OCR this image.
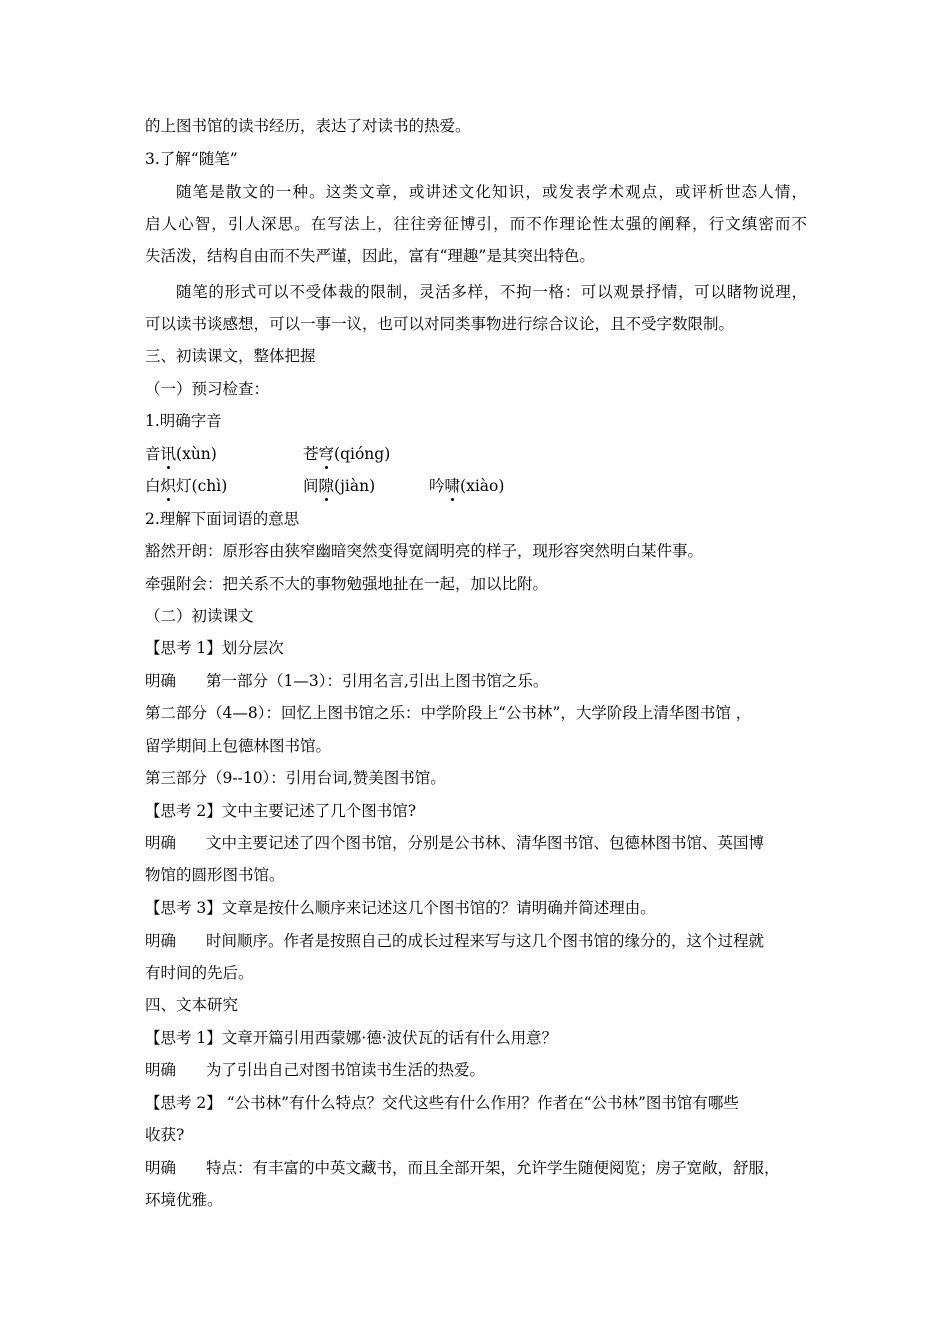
的上图书馆的读书经历，表达了对读书的热爱。
3.了解“随笔”
随笔是散文的一种。这类文章，或讲述文化知识，或发表学术观点，或评析世态人情，
启人心智，引人深思。在写法上，往往旁征博引，而不作理论性太强的阐释，行文缜密而不
失活泼，结构自由而不失严谨，因此，富有“理趣”是其突出特色。
随笔的形式可以不受体裁的限制，灵活多样，不拘一格：可以观景抒情，可以睹物说理，
可以读书谈感想，可以一事一议，也可以对同类事物进行综合议论，且不受字数限制。
三、初读课文，整体把握
（一）预习检查：
1.明确字音
音讯(xùn)	苍穹(qióng)
白炽灯(chì)	间隙(jiàn)	吟啸(xiào)
2.理解下面词语的意思
豁然开朗：原形容由狭窄幽暗突然变得宽阔明亮的样子，现形容突然明白某件事。
牵强附会：把关系不大的事物勉强地扯在一起，加以比附。
（二）初读课文
【思考 1】划分层次
明确 第一部分（1—3）：引用名言,引出上图书馆之乐。
第二部分（4—8）：回忆上图书馆之乐：中学阶段上“公书林”，大学阶段上清华图书馆 ，
留学期间上包德林图书馆。
第三部分（9--10）：引用台词,赞美图书馆。
【思考 2】文中主要记述了几个图书馆?
明确 文中主要记述了四个图书馆，分别是公书林、清华图书馆、包德林图书馆、英国博
物馆的圆形图书馆。
【思考 3】文章是按什么顺序来记述这几个图书馆的？请明确并简述理由。
明确 时间顺序。作者是按照自己的成长过程来写与这几个图书馆的缘分的，这个过程就
有时间的先后。
四、文本研究
【思考 1】文章开篇引用西蒙娜·德·波伏瓦的话有什么用意？
明确 为了引出自己对图书馆读书生活的热爱。
【思考 2】 “公书林”有什么特点？交代这些有什么作用？作者在“公书林”图书馆有哪些
收获?
明确 特点：有丰富的中英文藏书，而且全部开架，允许学生随便阅览；房子宽敞，舒服，
环境优雅。
